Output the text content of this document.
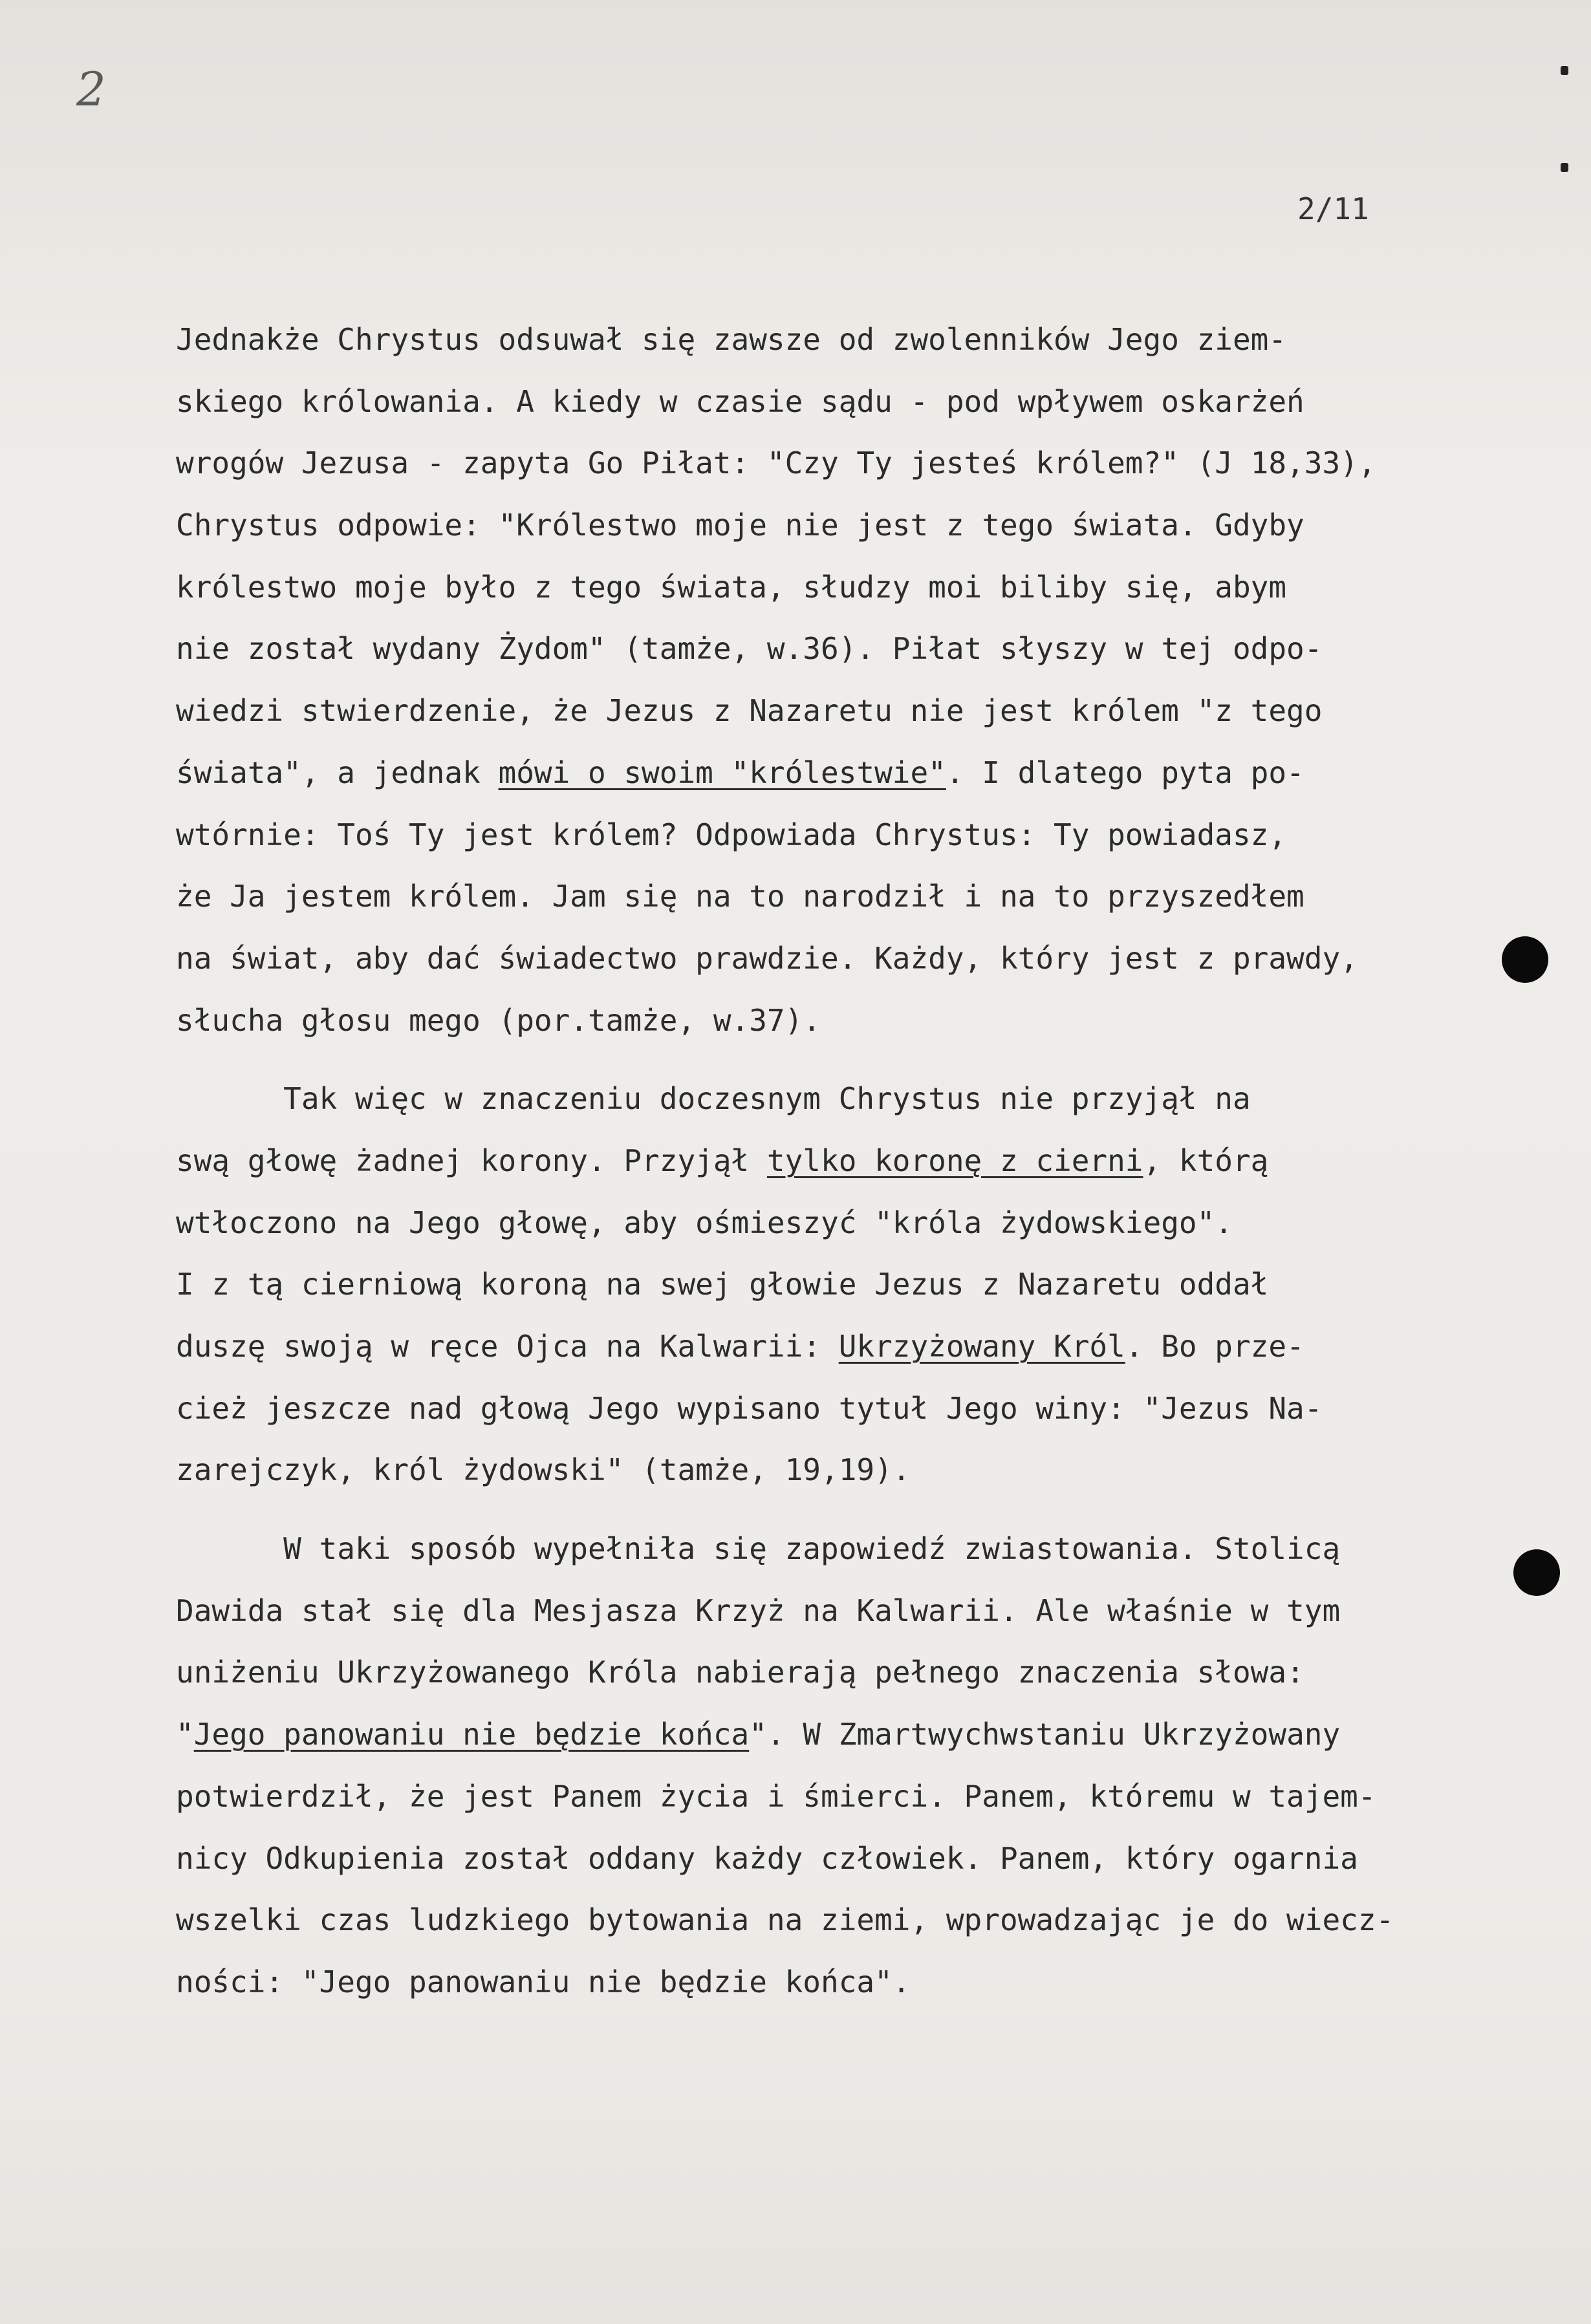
2
2/11
Jednakże Chrystus odsuwał się zawsze od zwolenników Jego ziem-
skiego królowania. A kiedy w czasie sądu - pod wpływem oskarżeń
wrogów Jezusa - zapyta Go Piłat: "Czy Ty jesteś królem?" (J 18,33),
Chrystus odpowie: "Królestwo moje nie jest z tego świata. Gdyby
królestwo moje było z tego świata, słudzy moi biliby się, abym
nie został wydany Żydom" (tamże, w.36). Piłat słyszy w tej odpo-
wiedzi stwierdzenie, że Jezus z Nazaretu nie jest królem "z tego
świata", a jednak mówi o swoim "królestwie". I dlatego pyta po-
wtórnie: Toś Ty jest królem? Odpowiada Chrystus: Ty powiadasz,
że Ja jestem królem. Jam się na to narodził i na to przyszedłem
na świat, aby dać świadectwo prawdzie. Każdy, który jest z prawdy,
słucha głosu mego (por.tamże, w.37).
Tak więc w znaczeniu doczesnym Chrystus nie przyjął na
swą głowę żadnej korony. Przyjął tylko koronę z cierni, którą
wtłoczono na Jego głowę, aby ośmieszyć "króla żydowskiego".
I z tą cierniową koroną na swej głowie Jezus z Nazaretu oddał
duszę swoją w ręce Ojca na Kalwarii: Ukrzyżowany Król. Bo prze-
cież jeszcze nad głową Jego wypisano tytuł Jego winy: "Jezus Na-
zarejczyk, król żydowski" (tamże, 19,19).
W taki sposób wypełniła się zapowiedź zwiastowania. Stolicą
Dawida stał się dla Mesjasza Krzyż na Kalwarii. Ale właśnie w tym
uniżeniu Ukrzyżowanego Króla nabierają pełnego znaczenia słowa:
"Jego panowaniu nie będzie końca". W Zmartwychwstaniu Ukrzyżowany
potwierdził, że jest Panem życia i śmierci. Panem, któremu w tajem-
nicy Odkupienia został oddany każdy człowiek. Panem, który ogarnia
wszelki czas ludzkiego bytowania na ziemi, wprowadzając je do wiecz-
ności: "Jego panowaniu nie będzie końca".
